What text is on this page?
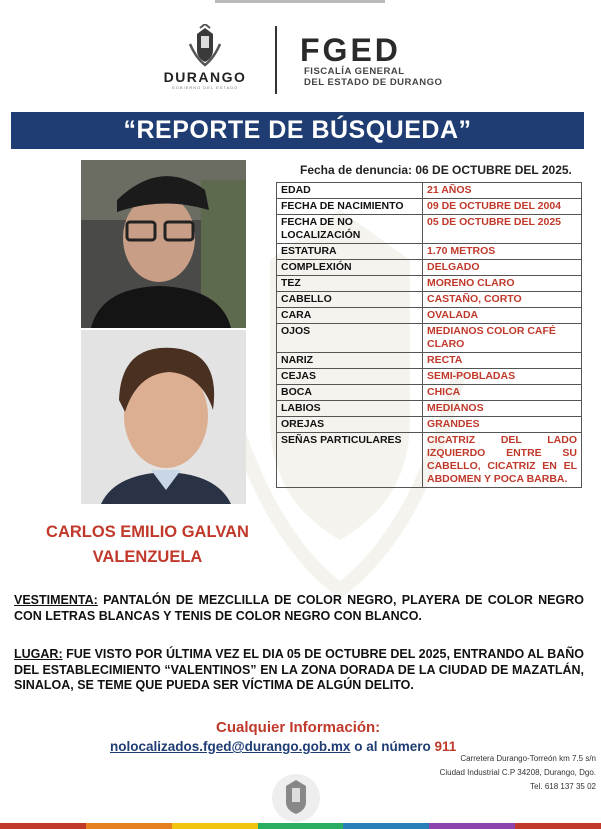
DURANGO
GOBIERNO DEL ESTADO
FGED
FISCALÍA GENERAL
DEL ESTADO DE DURANGO
“REPORTE DE BÚSQUEDA”
Fecha de denuncia: 06 DE OCTUBRE DEL 2025.
EDAD	21 AÑOS
FECHA DE NACIMIENTO	09 DE OCTUBRE DEL 2004
FECHA DE NO LOCALIZACIÓN	05 DE OCTUBRE DEL 2025
ESTATURA	1.70 METROS
COMPLEXIÓN	DELGADO
TEZ	MORENO CLARO
CABELLO	CASTAÑO, CORTO
CARA	OVALADA
OJOS	MEDIANOS COLOR CAFÉ CLARO
NARIZ	RECTA
CEJAS	SEMI-POBLADAS
BOCA	CHICA
LABIOS	MEDIANOS
OREJAS	GRANDES
SEÑAS PARTICULARES	CICATRIZ DEL LADO IZQUIERDO ENTRE SU CABELLO, CICATRIZ EN EL ABDOMEN Y POCA BARBA.
CARLOS EMILIO GALVAN
VALENZUELA
VESTIMENTA: PANTALÓN DE MEZCLILLA DE COLOR NEGRO, PLAYERA DE COLOR NEGRO CON LETRAS BLANCAS Y TENIS DE COLOR NEGRO CON BLANCO.
LUGAR: FUE VISTO POR ÚLTIMA VEZ EL DIA 05 DE OCTUBRE DEL 2025, ENTRANDO AL BAÑO DEL ESTABLECIMIENTO “VALENTINOS” EN LA ZONA DORADA DE LA CIUDAD DE MAZATLÁN, SINALOA, SE TEME QUE PUEDA SER VÍCTIMA DE ALGÚN DELITO.
Cualquier Información:
nolocalizados.fged@durango.gob.mx o al número 911
Carretera Durango-Torreón km 7.5 s/n
Ciudad Industrial C.P 34208, Durango, Dgo.
Tel. 618 137 35 02
